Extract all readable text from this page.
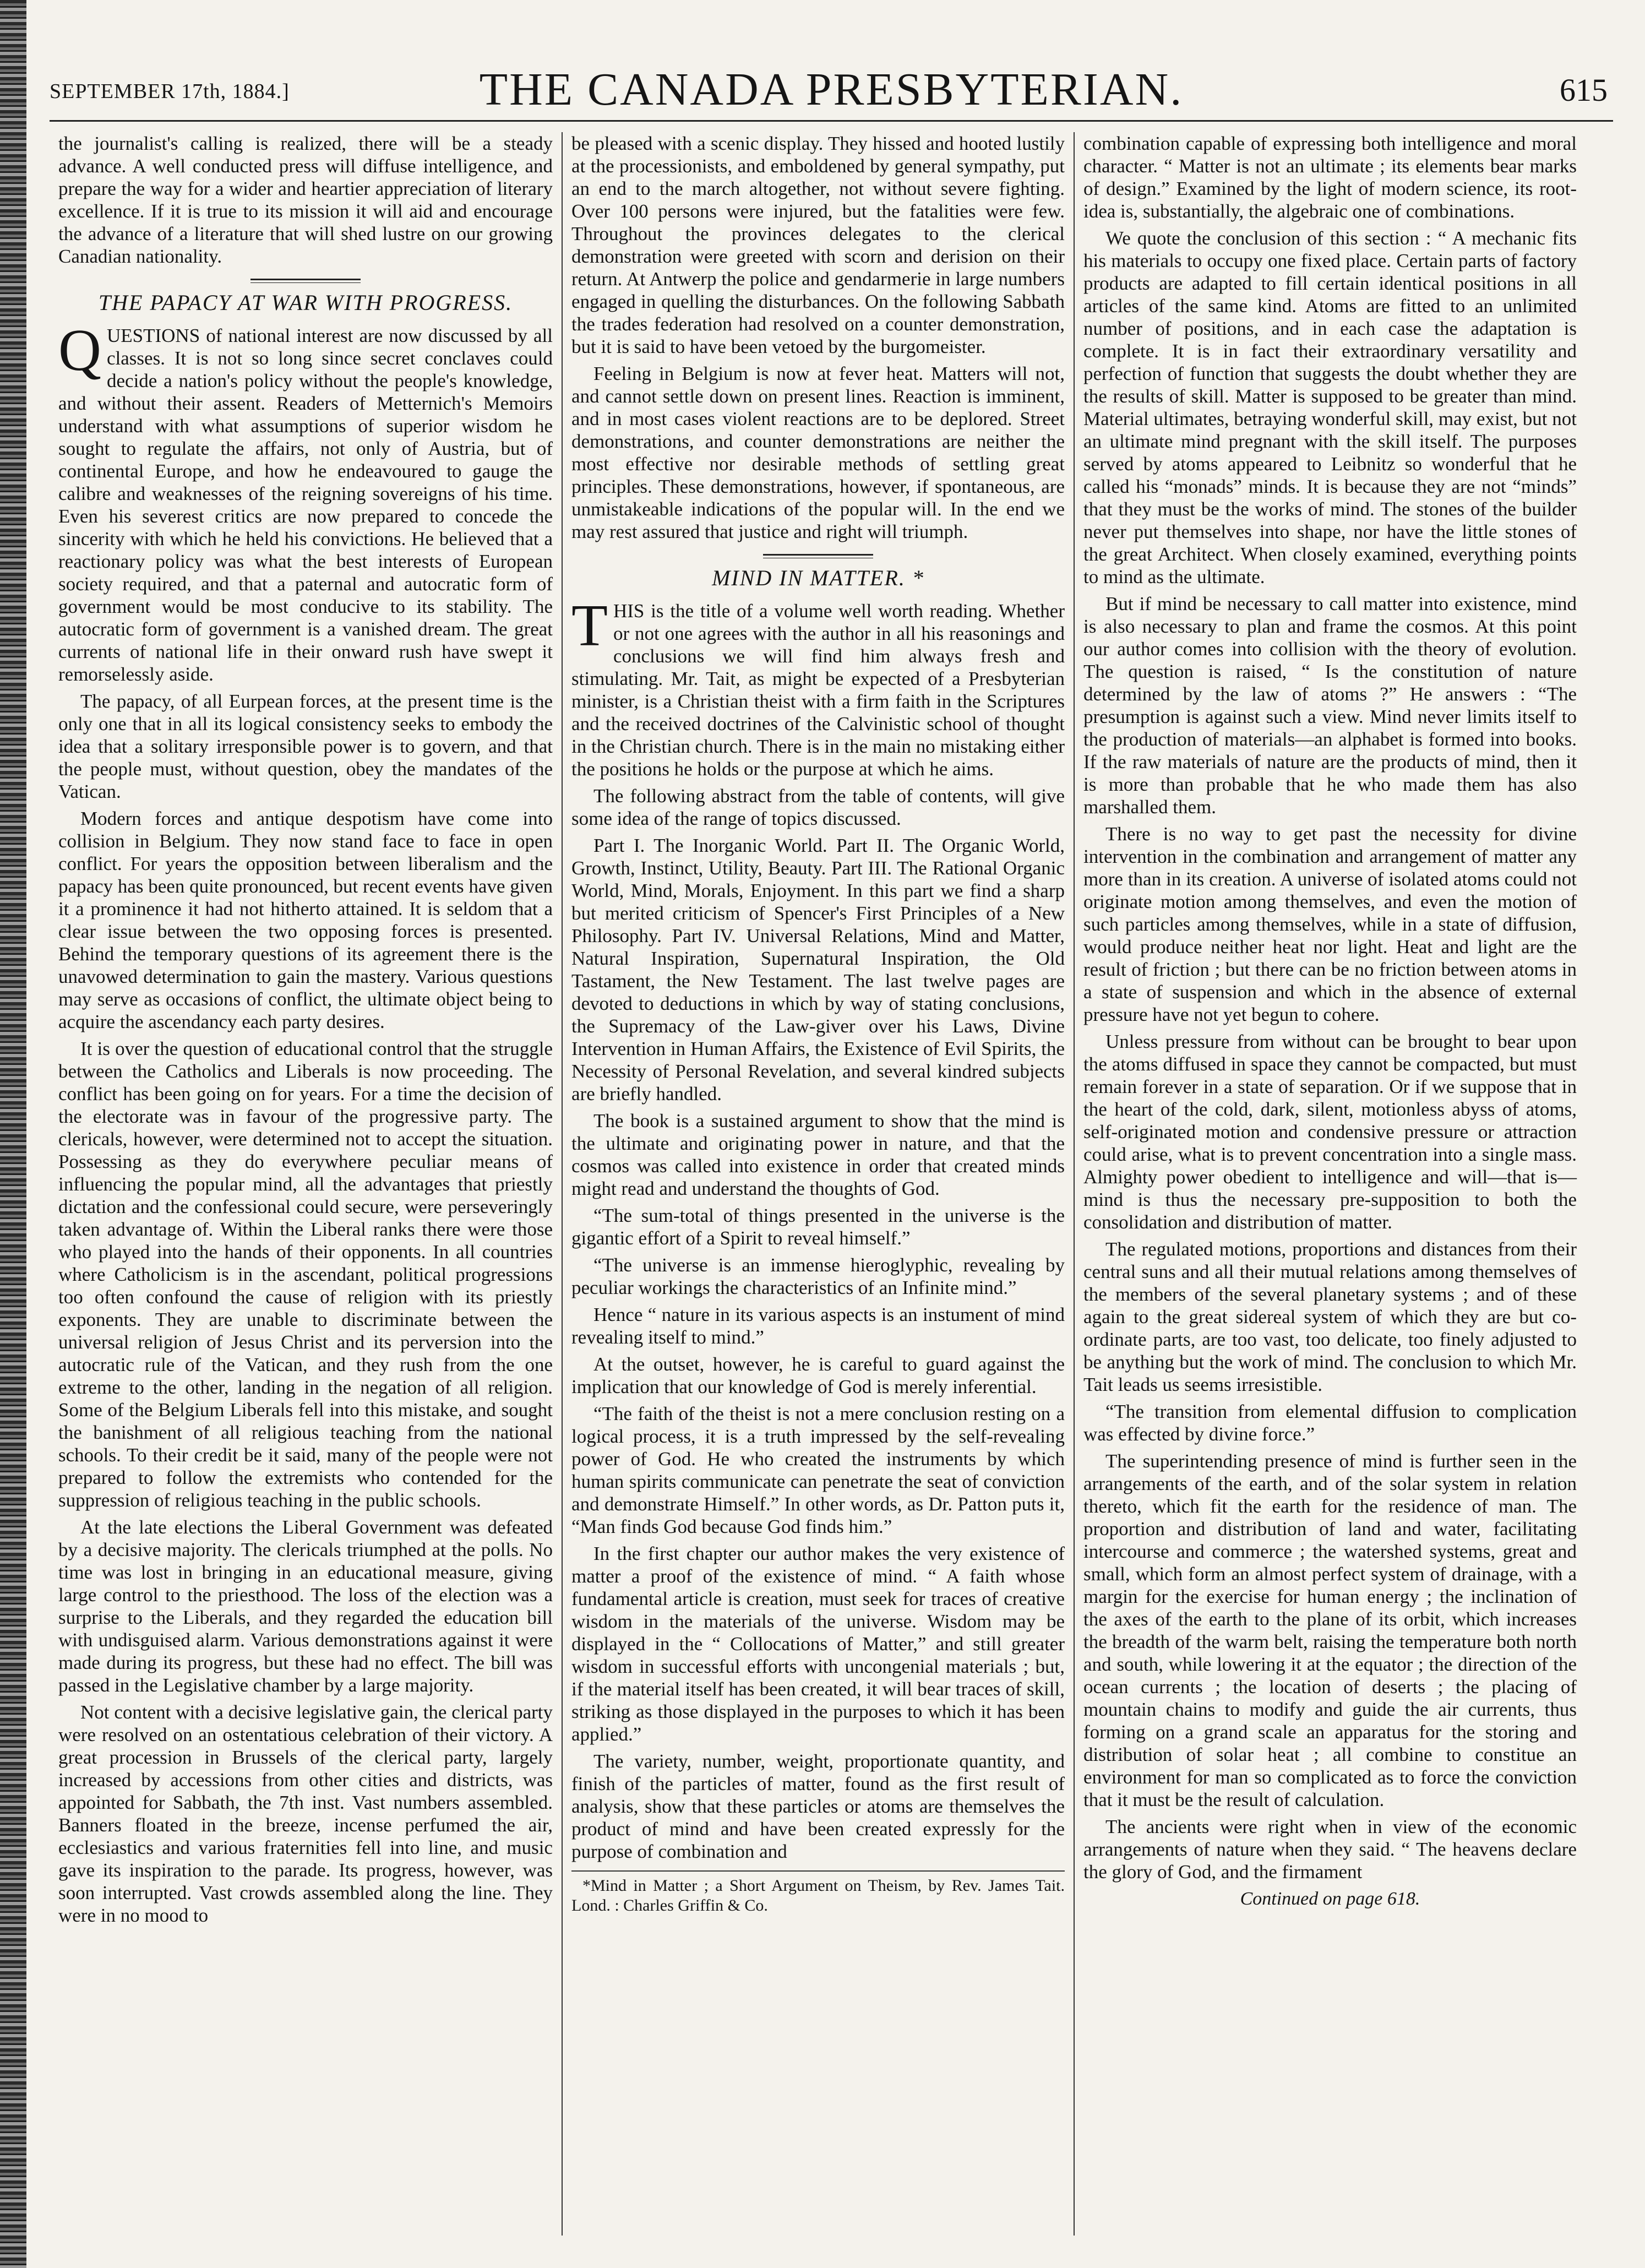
SEPTEMBER 17th, 1884.]	THE CANADA PRESBYTERIAN.	615

the journalist's calling is realized, there will be a steady advance. A well conducted press will diffuse intelligence, and prepare the way for a wider and heartier appreciation of literary excellence. If it is true to its mission it will aid and encourage the advance of a literature that will shed lustre on our growing Canadian nationality.

THE PAPACY AT WAR WITH PROGRESS.

QUESTIONS of national interest are now discussed by all classes. It is not so long since secret conclaves could decide a nation's policy without the people's knowledge, and without their assent. Readers of Metternich's Memoirs understand with what assumptions of superior wisdom he sought to regulate the affairs, not only of Austria, but of continental Europe, and how he endeavoured to gauge the calibre and weaknesses of the reigning sovereigns of his time. Even his severest critics are now prepared to concede the sincerity with which he held his convictions. He believed that a reactionary policy was what the best interests of European society required, and that a paternal and autocratic form of government would be most conducive to its stability. The autocratic form of government is a vanished dream. The great currents of national life in their onward rush have swept it remorselessly aside.

The papacy, of all Eurpean forces, at the present time is the only one that in all its logical consistency seeks to embody the idea that a solitary irresponsible power is to govern, and that the people must, without question, obey the mandates of the Vatican.

Modern forces and antique despotism have come into collision in Belgium. They now stand face to face in open conflict. For years the opposition between liberalism and the papacy has been quite pronounced, but recent events have given it a prominence it had not hitherto attained. It is seldom that a clear issue between the two opposing forces is presented. Behind the temporary questions of its agreement there is the unavowed determination to gain the mastery. Various questions may serve as occasions of conflict, the ultimate object being to acquire the ascendancy each party desires.

It is over the question of educational control that the struggle between the Catholics and Liberals is now proceeding. The conflict has been going on for years. For a time the decision of the electorate was in favour of the progressive party. The clericals, however, were determined not to accept the situation. Possessing as they do everywhere peculiar means of influencing the popular mind, all the advantages that priestly dictation and the confessional could secure, were perseveringly taken advantage of. Within the Liberal ranks there were those who played into the hands of their opponents. In all countries where Catholicism is in the ascendant, political progressions too often confound the cause of religion with its priestly exponents. They are unable to discriminate between the universal religion of Jesus Christ and its perversion into the autocratic rule of the Vatican, and they rush from the one extreme to the other, landing in the negation of all religion. Some of the Belgium Liberals fell into this mistake, and sought the banishment of all religious teaching from the national schools. To their credit be it said, many of the people were not prepared to follow the extremists who contended for the suppression of religious teaching in the public schools.

At the late elections the Liberal Government was defeated by a decisive majority. The clericals triumphed at the polls. No time was lost in bringing in an educational measure, giving large control to the priesthood. The loss of the election was a surprise to the Liberals, and they regarded the education bill with undisguised alarm. Various demonstrations against it were made during its progress, but these had no effect. The bill was passed in the Legislative chamber by a large majority.

Not content with a decisive legislative gain, the clerical party were resolved on an ostentatious celebration of their victory. A great procession in Brussels of the clerical party, largely increased by accessions from other cities and districts, was appointed for Sabbath, the 7th inst. Vast numbers assembled. Banners floated in the breeze, incense perfumed the air, ecclesiastics and various fraternities fell into line, and music gave its inspiration to the parade. Its progress, however, was soon interrupted. Vast crowds assembled along the line. They were in no mood to

be pleased with a scenic display. They hissed and hooted lustily at the processionists, and emboldened by general sympathy, put an end to the march altogether, not without severe fighting. Over 100 persons were injured, but the fatalities were few. Throughout the provinces delegates to the clerical demonstration were greeted with scorn and derision on their return. At Antwerp the police and gendarmerie in large numbers engaged in quelling the disturbances. On the following Sabbath the trades federation had resolved on a counter demonstration, but it is said to have been vetoed by the burgomeister.

Feeling in Belgium is now at fever heat. Matters will not, and cannot settle down on present lines. Reaction is imminent, and in most cases violent reactions are to be deplored. Street demonstrations, and counter demonstrations are neither the most effective nor desirable methods of settling great principles. These demonstrations, however, if spontaneous, are unmistakeable indications of the popular will. In the end we may rest assured that justice and right will triumph.

MIND IN MATTER. *

THIS is the title of a volume well worth reading. Whether or not one agrees with the author in all his reasonings and conclusions we will find him always fresh and stimulating. Mr. Tait, as might be expected of a Presbyterian minister, is a Christian theist with a firm faith in the Scriptures and the received doctrines of the Calvinistic school of thought in the Christian church. There is in the main no mistaking either the positions he holds or the purpose at which he aims.

The following abstract from the table of contents, will give some idea of the range of topics discussed.

Part I. The Inorganic World. Part II. The Organic World, Growth, Instinct, Utility, Beauty. Part III. The Rational Organic World, Mind, Morals, Enjoyment. In this part we find a sharp but merited criticism of Spencer's First Principles of a New Philosophy. Part IV. Universal Relations, Mind and Matter, Natural Inspiration, Supernatural Inspiration, the Old Tastament, the New Testament. The last twelve pages are devoted to deductions in which by way of stating conclusions, the Supremacy of the Law-giver over his Laws, Divine Intervention in Human Affairs, the Existence of Evil Spirits, the Necessity of Personal Revelation, and several kindred subjects are briefly handled.

The book is a sustained argument to show that the mind is the ultimate and originating power in nature, and that the cosmos was called into existence in order that created minds might read and understand the thoughts of God.

“The sum-total of things presented in the universe is the gigantic effort of a Spirit to reveal himself.”

“The universe is an immense hieroglyphic, revealing by peculiar workings the characteristics of an Infinite mind.”

Hence “ nature in its various aspects is an instument of mind revealing itself to mind.”

At the outset, however, he is careful to guard against the implication that our knowledge of God is merely inferential.

“The faith of the theist is not a mere conclusion resting on a logical process, it is a truth impressed by the self-revealing power of God. He who created the instruments by which human spirits communicate can penetrate the seat of conviction and demonstrate Himself.” In other words, as Dr. Patton puts it, “Man finds God because God finds him.”

In the first chapter our author makes the very existence of matter a proof of the existence of mind. “ A faith whose fundamental article is creation, must seek for traces of creative wisdom in the materials of the universe. Wisdom may be displayed in the “ Collocations of Matter,” and still greater wisdom in successful efforts with uncongenial materials ; but, if the material itself has been created, it will bear traces of skill, striking as those displayed in the purposes to which it has been applied.”

The variety, number, weight, proportionate quantity, and finish of the particles of matter, found as the first result of analysis, show that these particles or atoms are themselves the product of mind and have been created expressly for the purpose of combination and

*Mind in Matter ; a Short Argument on Theism, by Rev. James Tait. Lond. : Charles Griffin & Co.

combination capable of expressing both intelligence and moral character. “ Matter is not an ultimate ; its elements bear marks of design.” Examined by the light of modern science, its root-idea is, substantially, the algebraic one of combinations.

We quote the conclusion of this section : “ A mechanic fits his materials to occupy one fixed place. Certain parts of factory products are adapted to fill certain identical positions in all articles of the same kind. Atoms are fitted to an unlimited number of positions, and in each case the adaptation is complete. It is in fact their extraordinary versatility and perfection of function that suggests the doubt whether they are the results of skill. Matter is supposed to be greater than mind. Material ultimates, betraying wonderful skill, may exist, but not an ultimate mind pregnant with the skill itself. The purposes served by atoms appeared to Leibnitz so wonderful that he called his “monads” minds. It is because they are not “minds” that they must be the works of mind. The stones of the builder never put themselves into shape, nor have the little stones of the great Architect. When closely examined, everything points to mind as the ultimate.

But if mind be necessary to call matter into existence, mind is also necessary to plan and frame the cosmos. At this point our author comes into collision with the theory of evolution. The question is raised, “ Is the constitution of nature determined by the law of atoms ?” He answers : “The presumption is against such a view. Mind never limits itself to the production of materials—an alphabet is formed into books. If the raw materials of nature are the products of mind, then it is more than probable that he who made them has also marshalled them.

There is no way to get past the necessity for divine intervention in the combination and arrangement of matter any more than in its creation. A universe of isolated atoms could not originate motion among themselves, and even the motion of such particles among themselves, while in a state of diffusion, would produce neither heat nor light. Heat and light are the result of friction ; but there can be no friction between atoms in a state of suspension and which in the absence of external pressure have not yet begun to cohere.

Unless pressure from without can be brought to bear upon the atoms diffused in space they cannot be compacted, but must remain forever in a state of separation. Or if we suppose that in the heart of the cold, dark, silent, motionless abyss of atoms, self-originated motion and condensive pressure or attraction could arise, what is to prevent concentration into a single mass. Almighty power obedient to intelligence and will—that is—mind is thus the necessary pre-supposition to both the consolidation and distribution of matter.

The regulated motions, proportions and distances from their central suns and all their mutual relations among themselves of the members of the several planetary systems ; and of these again to the great sidereal system of which they are but co-ordinate parts, are too vast, too delicate, too finely adjusted to be anything but the work of mind. The conclusion to which Mr. Tait leads us seems irresistible.

“The transition from elemental diffusion to complication was effected by divine force.”

The superintending presence of mind is further seen in the arrangements of the earth, and of the solar system in relation thereto, which fit the earth for the residence of man. The proportion and distribution of land and water, facilitating intercourse and commerce ; the watershed systems, great and small, which form an almost perfect system of drainage, with a margin for the exercise for human energy ; the inclination of the axes of the earth to the plane of its orbit, which increases the breadth of the warm belt, raising the temperature both north and south, while lowering it at the equator ; the direction of the ocean currents ; the location of deserts ; the placing of mountain chains to modify and guide the air currents, thus forming on a grand scale an apparatus for the storing and distribution of solar heat ; all combine to constitue an environment for man so complicated as to force the conviction that it must be the result of calculation.

The ancients were right when in view of the economic arrangements of nature when they said. “ The heavens declare the glory of God, and the firmament

Continued on page 618.
